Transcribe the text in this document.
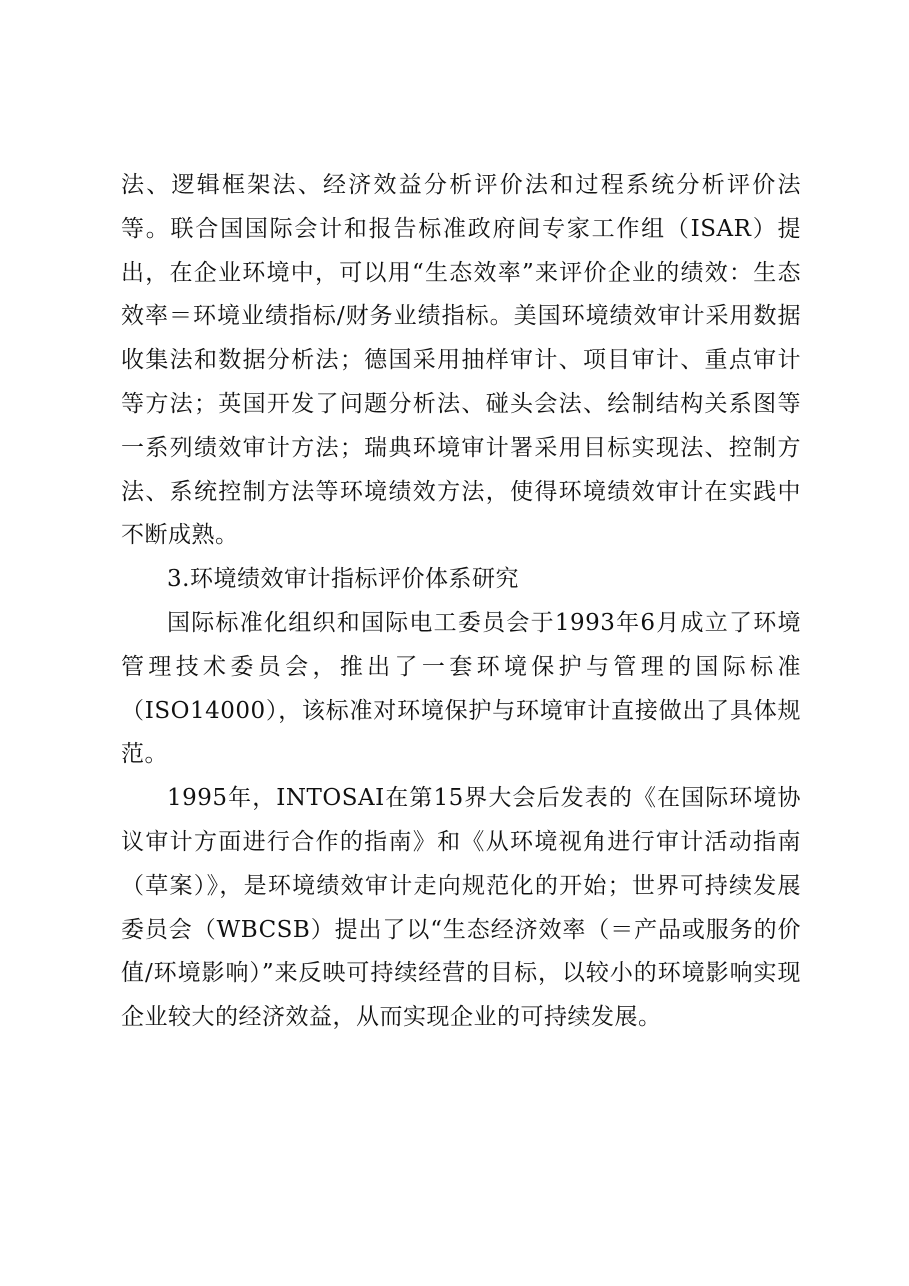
法、逻辑框架法、经济效益分析评价法和过程系统分析评价法等。联合国国际会计和报告标准政府间专家工作组（ISAR）提出，在企业环境中，可以用“生态效率”来评价企业的绩效：生态效率＝环境业绩指标/财务业绩指标。美国环境绩效审计采用数据收集法和数据分析法；德国采用抽样审计、项目审计、重点审计等方法；英国开发了问题分析法、碰头会法、绘制结构关系图等一系列绩效审计方法；瑞典环境审计署采用目标实现法、控制方法、系统控制方法等环境绩效方法，使得环境绩效审计在实践中不断成熟。

3.环境绩效审计指标评价体系研究

国际标准化组织和国际电工委员会于1993年6月成立了环境管理技术委员会，推出了一套环境保护与管理的国际标准（ISO14000），该标准对环境保护与环境审计直接做出了具体规范。

1995年，INTOSAI在第15界大会后发表的《在国际环境协议审计方面进行合作的指南》和《从环境视角进行审计活动指南（草案）》，是环境绩效审计走向规范化的开始；世界可持续发展委员会（WBCSB）提出了以“生态经济效率（＝产品或服务的价值/环境影响）”来反映可持续经营的目标，以较小的环境影响实现企业较大的经济效益，从而实现企业的可持续发展。
